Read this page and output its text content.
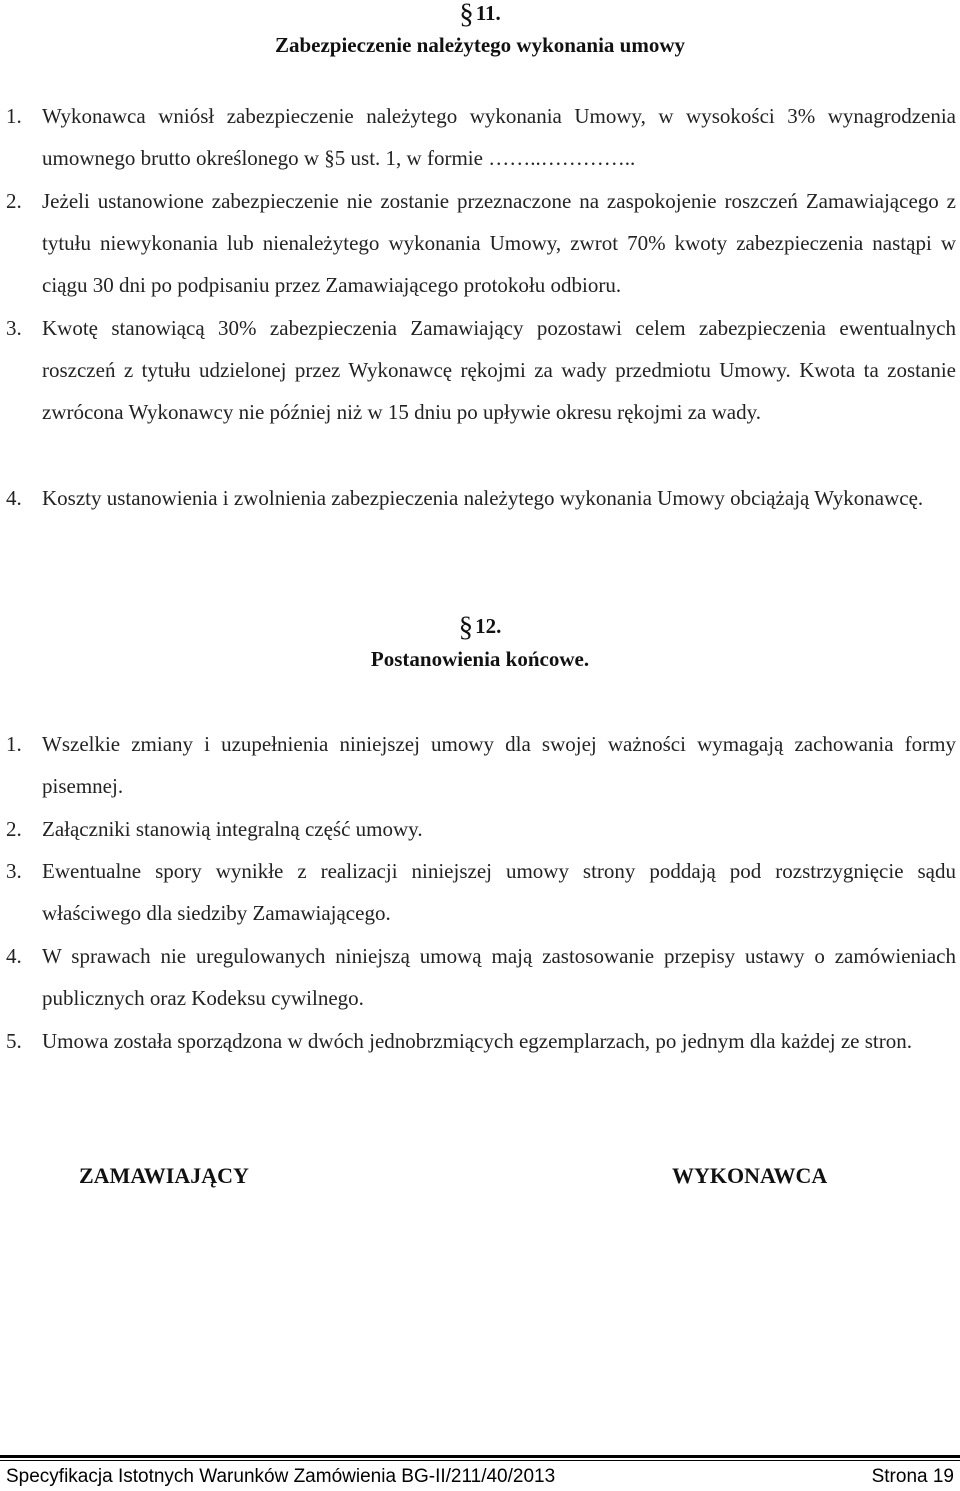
§11.
Zabezpieczenie należytego wykonania umowy
1. Wykonawca wniósł zabezpieczenie należytego wykonania Umowy, w wysokości 3% wynagrodzenia umownego brutto określonego w §5 ust. 1, w formie ……..…………..
2. Jeżeli ustanowione zabezpieczenie nie zostanie przeznaczone na zaspokojenie roszczeń Zamawiającego z tytułu niewykonania lub nienależytego wykonania Umowy, zwrot 70% kwoty zabezpieczenia nastąpi w ciągu 30 dni po podpisaniu przez Zamawiającego protokołu odbioru.
3. Kwotę stanowiącą 30% zabezpieczenia Zamawiający pozostawi celem zabezpieczenia ewentualnych roszczeń z tytułu udzielonej przez Wykonawcę rękojmi za wady przedmiotu Umowy. Kwota ta zostanie zwrócona Wykonawcy nie później niż w 15 dniu po upływie okresu rękojmi za wady.
4. Koszty ustanowienia i zwolnienia zabezpieczenia należytego wykonania Umowy obciążają Wykonawcę.
§12.
Postanowienia końcowe.
1. Wszelkie zmiany i uzupełnienia niniejszej umowy dla swojej ważności wymagają zachowania formy pisemnej.
2. Załączniki stanowią integralną część umowy.
3. Ewentualne spory wynikłe z realizacji niniejszej umowy strony poddają pod rozstrzygnięcie sądu właściwego dla siedziby Zamawiającego.
4. W sprawach nie uregulowanych niniejszą umową mają zastosowanie przepisy ustawy o zamówieniach publicznych oraz Kodeksu cywilnego.
5. Umowa została sporządzona w dwóch jednobrzmiących egzemplarzach, po jednym dla każdej ze stron.
ZAMAWIAJĄCY	WYKONAWCA
Specyfikacja Istotnych Warunków Zamówienia BG-II/211/40/2013	Strona 19
